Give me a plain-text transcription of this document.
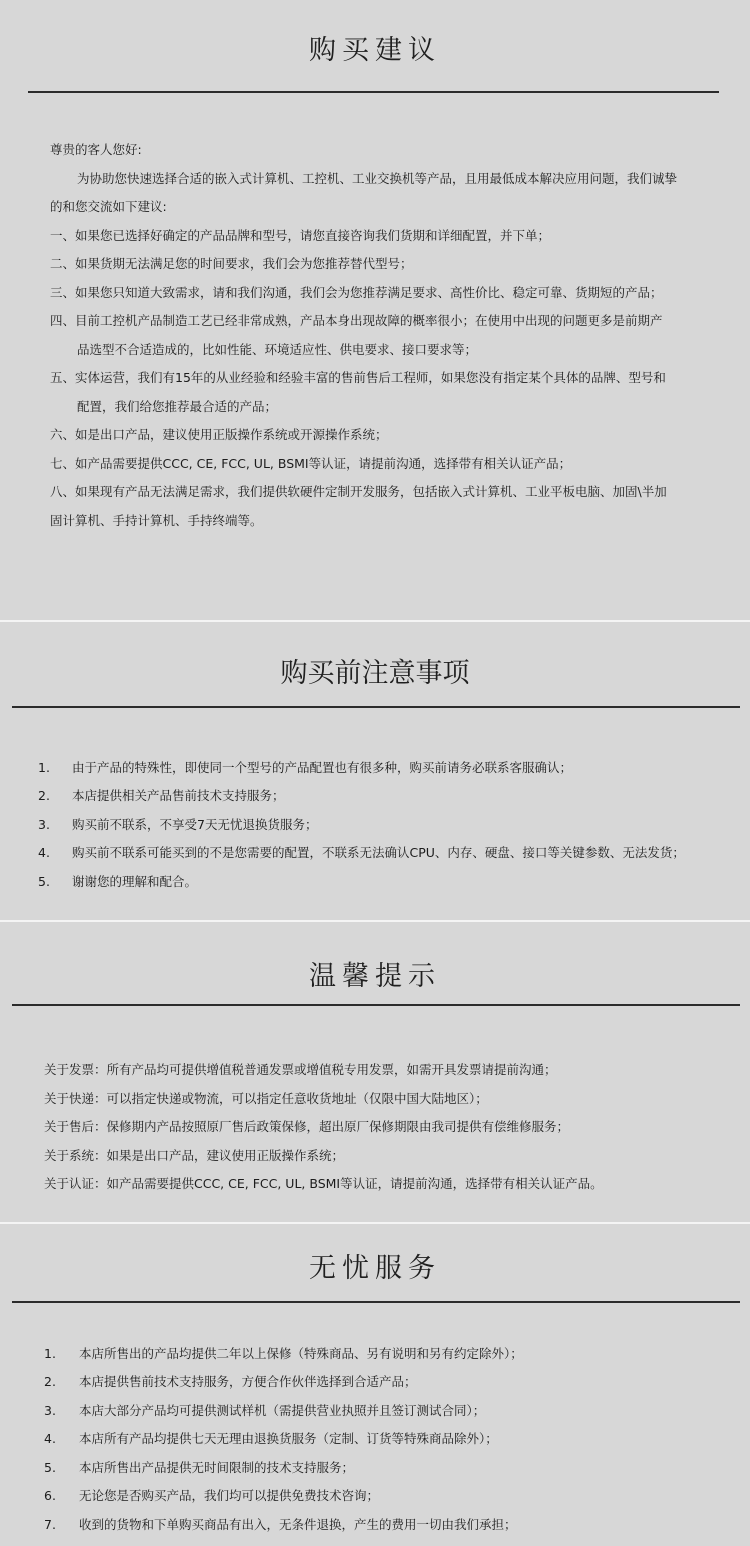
购买建议
尊贵的客人您好:
为协助您快速选择合适的嵌入式计算机、工控机、工业交换机等产品，且用最低成本解决应用问题，我们诚挚
的和您交流如下建议:
一、如果您已选择好确定的产品品牌和型号，请您直接咨询我们货期和详细配置，并下单；
二、如果货期无法满足您的时间要求，我们会为您推荐替代型号；
三、如果您只知道大致需求，请和我们沟通，我们会为您推荐满足要求、高性价比、稳定可靠、货期短的产品；
四、目前工控机产品制造工艺已经非常成熟，产品本身出现故障的概率很小；在使用中出现的问题更多是前期产
品选型不合适造成的，比如性能、环境适应性、供电要求、接口要求等；
五、实体运营，我们有15年的从业经验和经验丰富的售前售后工程师，如果您没有指定某个具体的品牌、型号和
配置，我们给您推荐最合适的产品；
六、如是出口产品，建议使用正版操作系统或开源操作系统；
七、如产品需要提供CCC, CE, FCC, UL, BSMI等认证，请提前沟通，选择带有相关认证产品；
八、如果现有产品无法满足需求，我们提供软硬件定制开发服务，包括嵌入式计算机、工业平板电脑、加固\半加
固计算机、手持计算机、手持终端等。
购买前注意事项
1. 由于产品的特殊性，即使同一个型号的产品配置也有很多种，购买前请务必联系客服确认；
2. 本店提供相关产品售前技术支持服务；
3. 购买前不联系，不享受7天无忧退换货服务；
4. 购买前不联系可能买到的不是您需要的配置，不联系无法确认CPU、内存、硬盘、接口等关键参数、无法发货；
5. 谢谢您的理解和配合。
温馨提示
关于发票：所有产品均可提供增值税普通发票或增值税专用发票，如需开具发票请提前沟通；
关于快递：可以指定快递或物流，可以指定任意收货地址（仅限中国大陆地区）；
关于售后：保修期内产品按照原厂售后政策保修，超出原厂保修期限由我司提供有偿维修服务；
关于系统：如果是出口产品，建议使用正版操作系统；
关于认证：如产品需要提供CCC, CE, FCC, UL, BSMI等认证，请提前沟通，选择带有相关认证产品。
无忧服务
1. 本店所售出的产品均提供二年以上保修（特殊商品、另有说明和另有约定除外）；
2. 本店提供售前技术支持服务，方便合作伙伴选择到合适产品；
3. 本店大部分产品均可提供测试样机（需提供营业执照并且签订测试合同）；
4. 本店所有产品均提供七天无理由退换货服务（定制、订货等特殊商品除外）；
5. 本店所售出产品提供无时间限制的技术支持服务；
6. 无论您是否购买产品，我们均可以提供免费技术咨询；
7. 收到的货物和下单购买商品有出入，无条件退换，产生的费用一切由我们承担；
